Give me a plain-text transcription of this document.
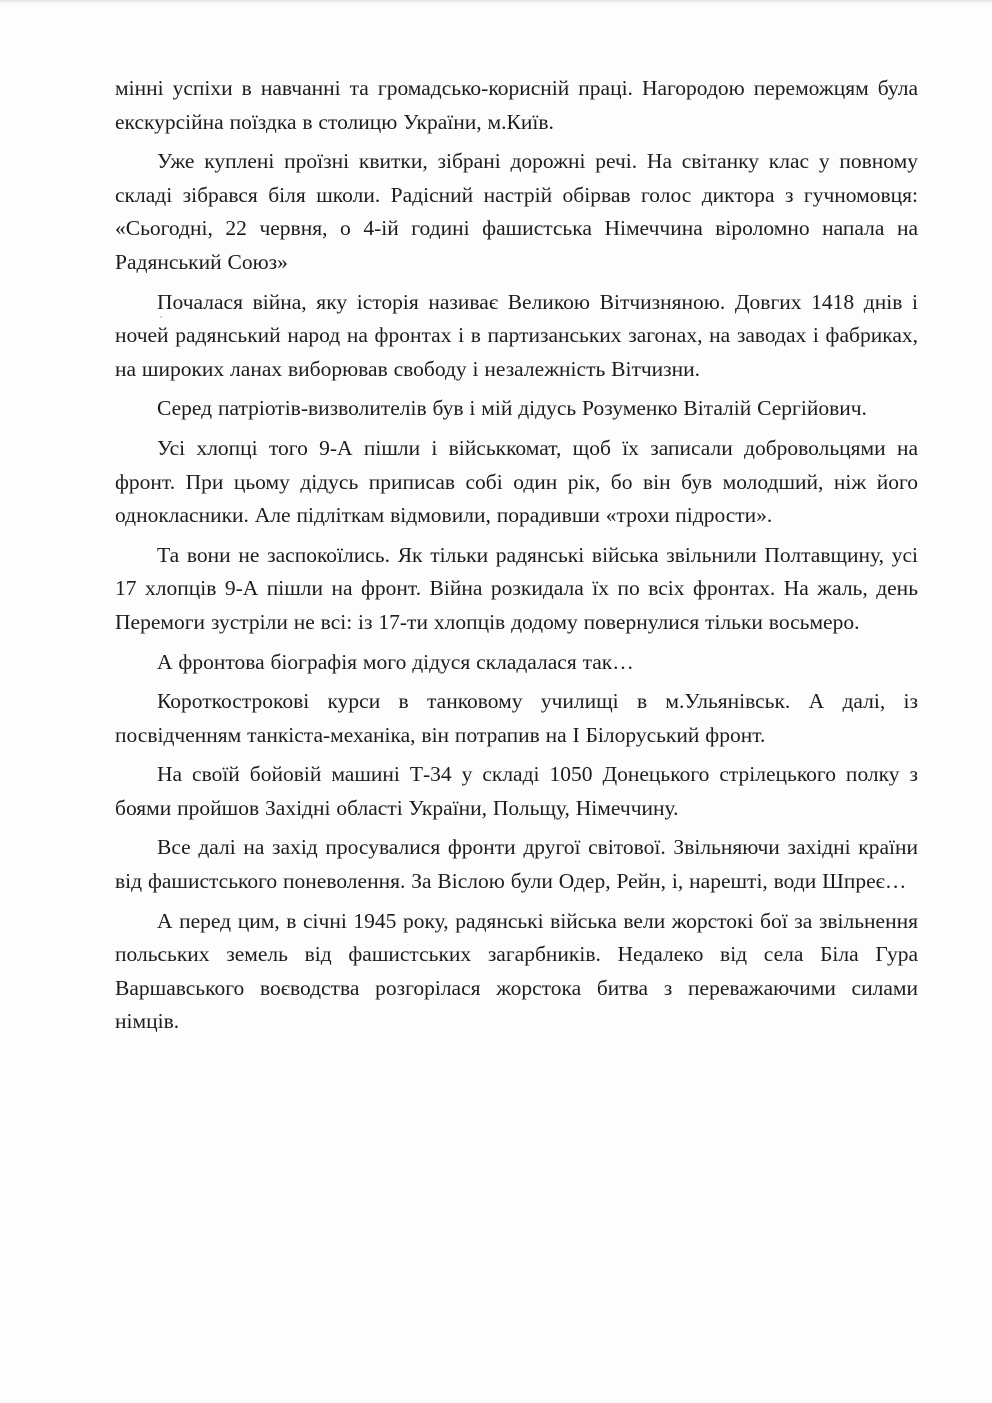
мінні успіхи в навчанні та громадсько-корисній праці. Нагородою переможцям була екскурсійна поїздка в столицю України, м.Київ.

Уже куплені проїзні квитки, зібрані дорожні речі. На світанку клас у повному складі зібрався біля школи. Радісний настрій обірвав голос диктора з гучномовця: «Сьогодні, 22 червня, о 4-ій годині фашистська Німеччина віроломно напала на Радянський Союз»

Почалася війна, яку історія називає Великою Вітчизняною. Довгих 1418 днів і ночей радянський народ на фронтах і в партизанських загонах, на заводах і фабриках, на широких ланах виборював свободу і незалежність Вітчизни.

Серед патріотів-визволителів був і мій дідусь Розуменко Віталій Сергійович.

Усі хлопці того 9-А пішли і військкомат, щоб їх записали добровольцями на фронт. При цьому дідусь приписав собі один рік, бо він був молодший, ніж його однокласники. Але підліткам відмовили, порадивши «трохи підрости».

Та вони не заспокоїлись. Як тільки радянські війська звільнили Полтавщину, усі 17 хлопців 9-А пішли на фронт. Війна розкидала їх по всіх фронтах. На жаль, день Перемоги зустріли не всі: із 17-ти хлопців додому повернулися тільки восьмеро.

А фронтова біографія мого дідуся складалася так…

Короткострокові курси в танковому училищі в м.Ульянівськ. А далі, із посвідченням танкіста-механіка, він потрапив на І Білоруський фронт.

На своїй бойовій машині Т-34 у складі 1050 Донецького стрілецького полку з боями пройшов Західні області України, Польщу, Німеччину.

Все далі на захід просувалися фронти другої світової. Звільняючи західні країни від фашистського поневолення. За Віслою були Одер, Рейн, і, нарешті, води Шпреє…

А перед цим, в січні 1945 року, радянські війська вели жорстокі бої за звільнення польських земель від фашистських загарбників. Недалеко від села Біла Гура Варшавського воєводства розгорілася жорстока битва з переважаючими силами німців.
